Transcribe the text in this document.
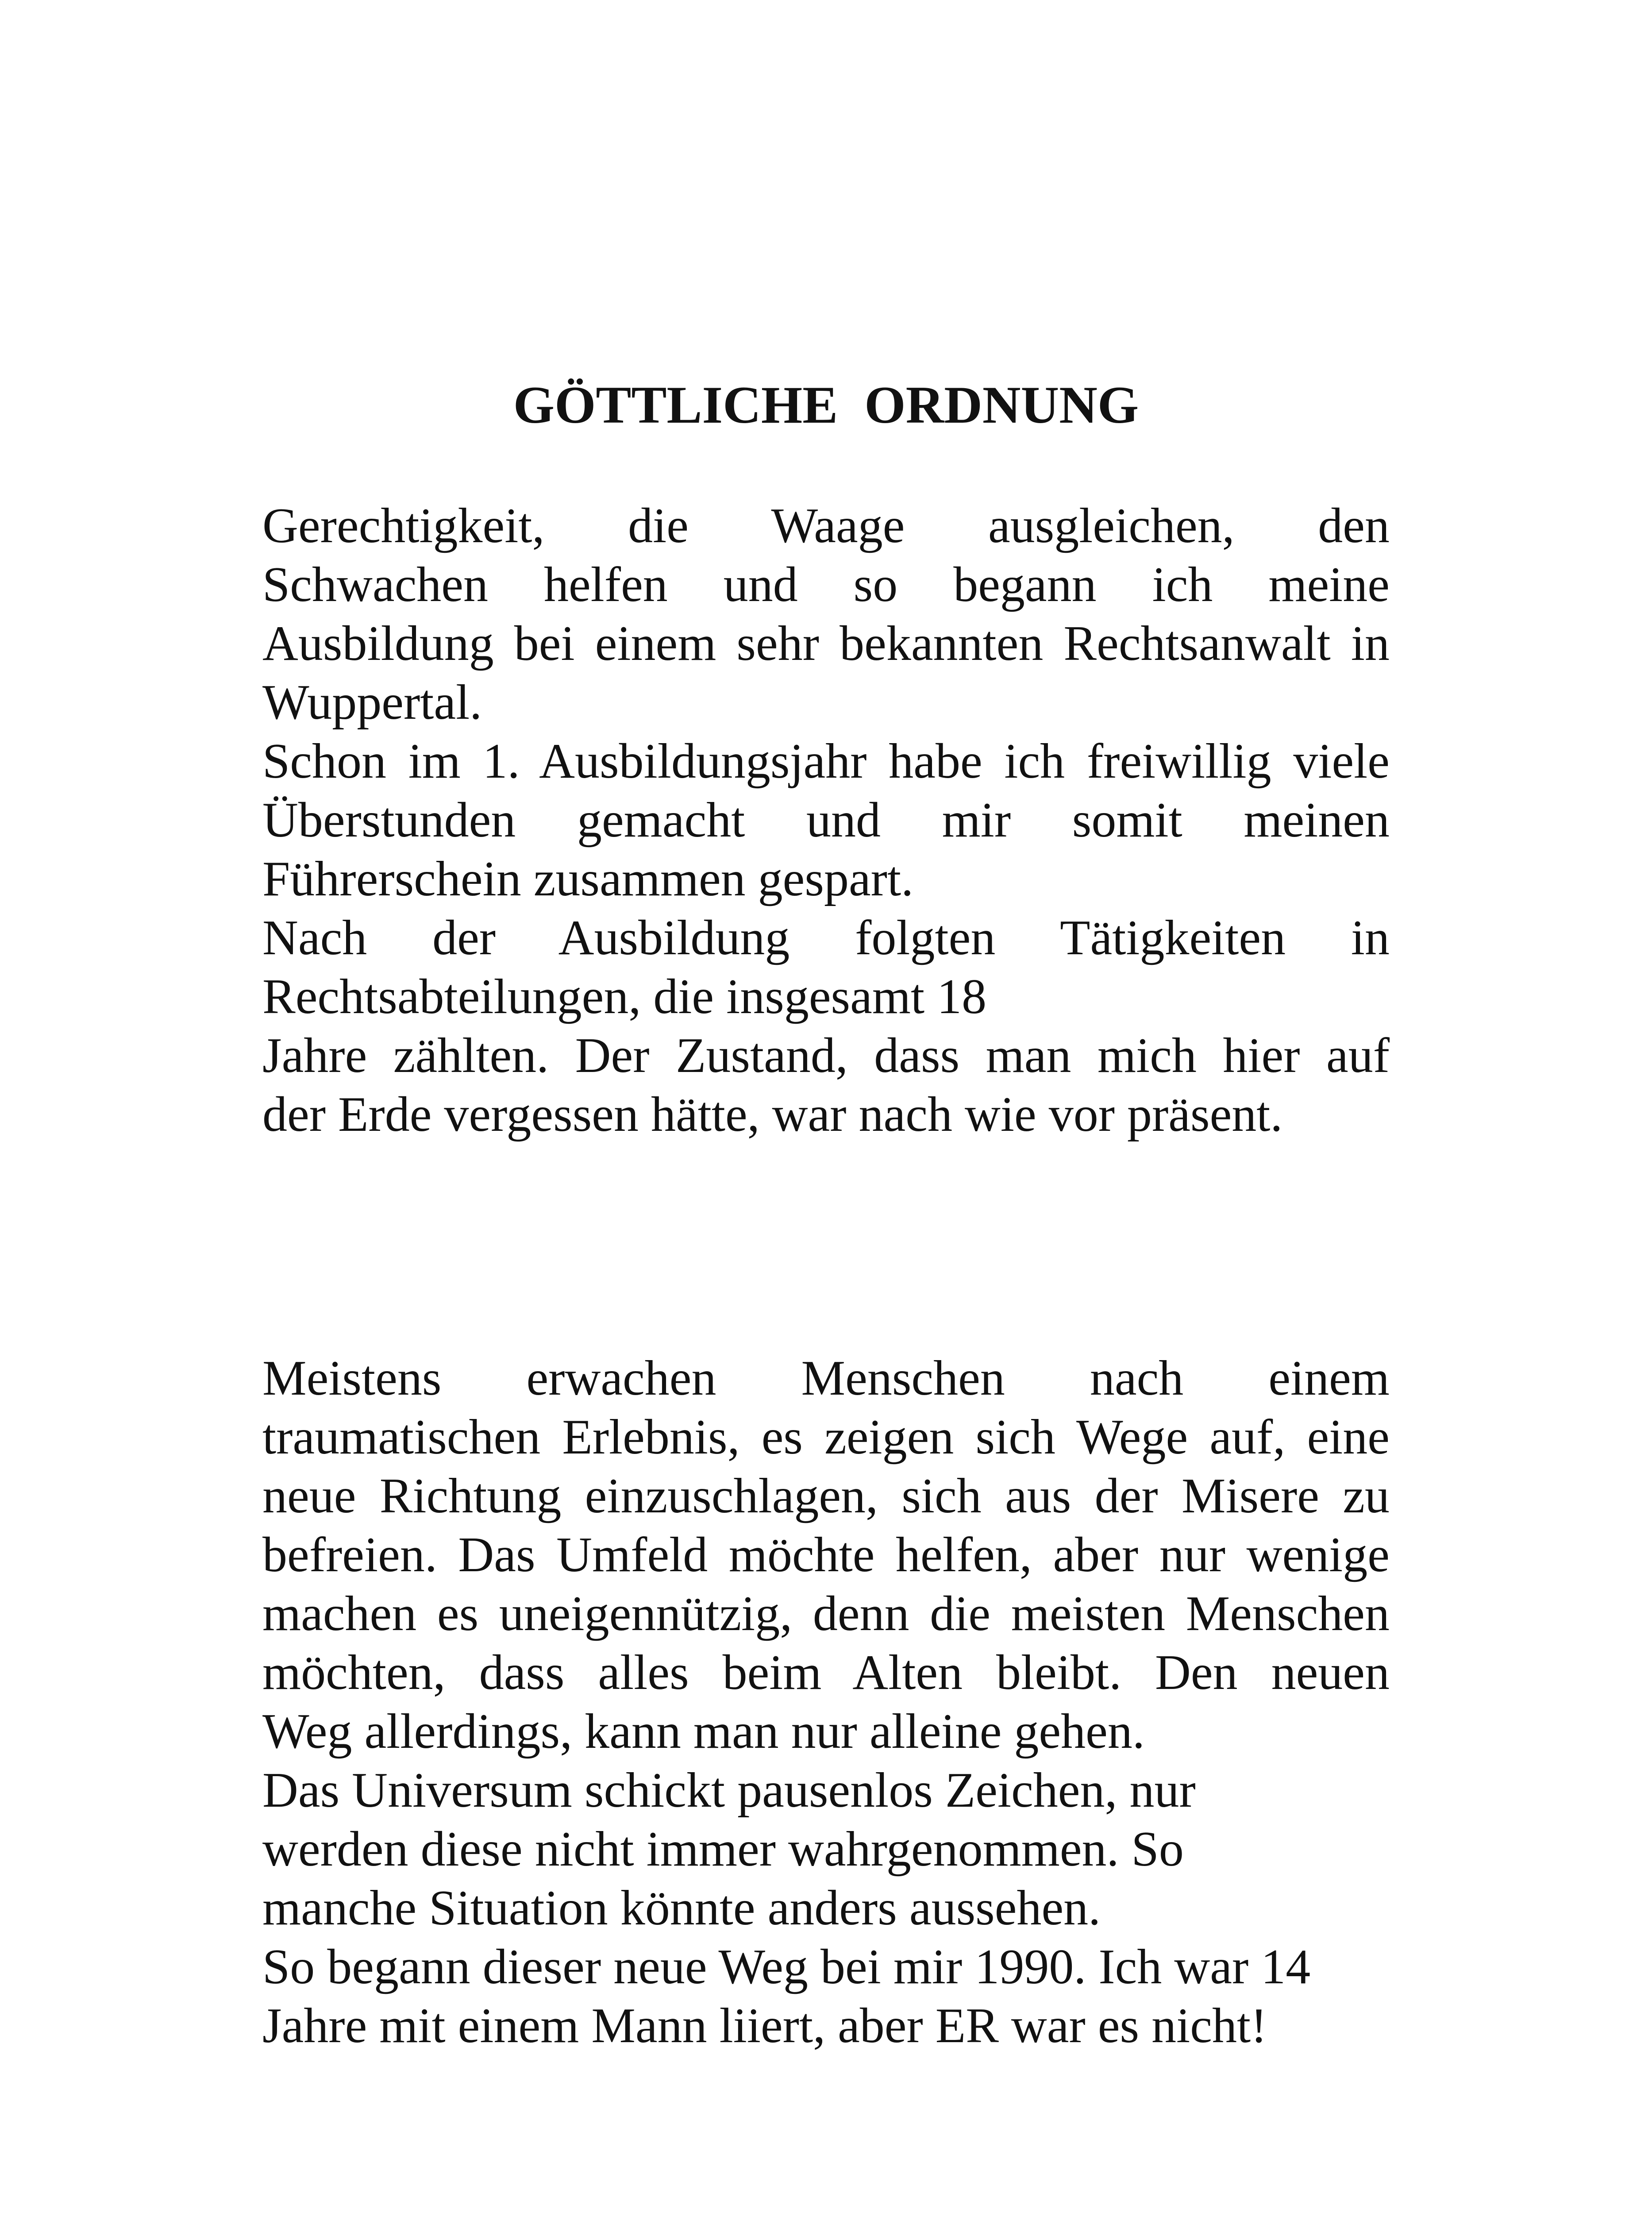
GÖTTLICHE  ORDNUNG
Gerechtigkeit, die Waage ausgleichen, den
Schwachen helfen und so begann ich meine
Ausbildung bei einem sehr bekannten Rechtsanwalt in
Wuppertal.
Schon im 1. Ausbildungsjahr habe ich freiwillig viele
Überstunden gemacht und mir somit meinen
Führerschein zusammen gespart.
Nach der Ausbildung folgten Tätigkeiten in
Rechtsabteilungen, die insgesamt 18
Jahre zählten. Der Zustand, dass man mich hier auf
der Erde vergessen hätte, war nach wie vor präsent.
Meistens erwachen Menschen nach einem
traumatischen Erlebnis, es zeigen sich Wege auf, eine
neue Richtung einzuschlagen, sich aus der Misere zu
befreien. Das Umfeld möchte helfen, aber nur wenige
machen es uneigennützig, denn die meisten Menschen
möchten, dass alles beim Alten bleibt. Den neuen
Weg allerdings, kann man nur alleine gehen.
Das Universum schickt pausenlos Zeichen, nur
werden diese nicht immer wahrgenommen. So
manche Situation könnte anders aussehen.
So begann dieser neue Weg bei mir 1990. Ich war 14
Jahre mit einem Mann liiert, aber ER war es nicht!
